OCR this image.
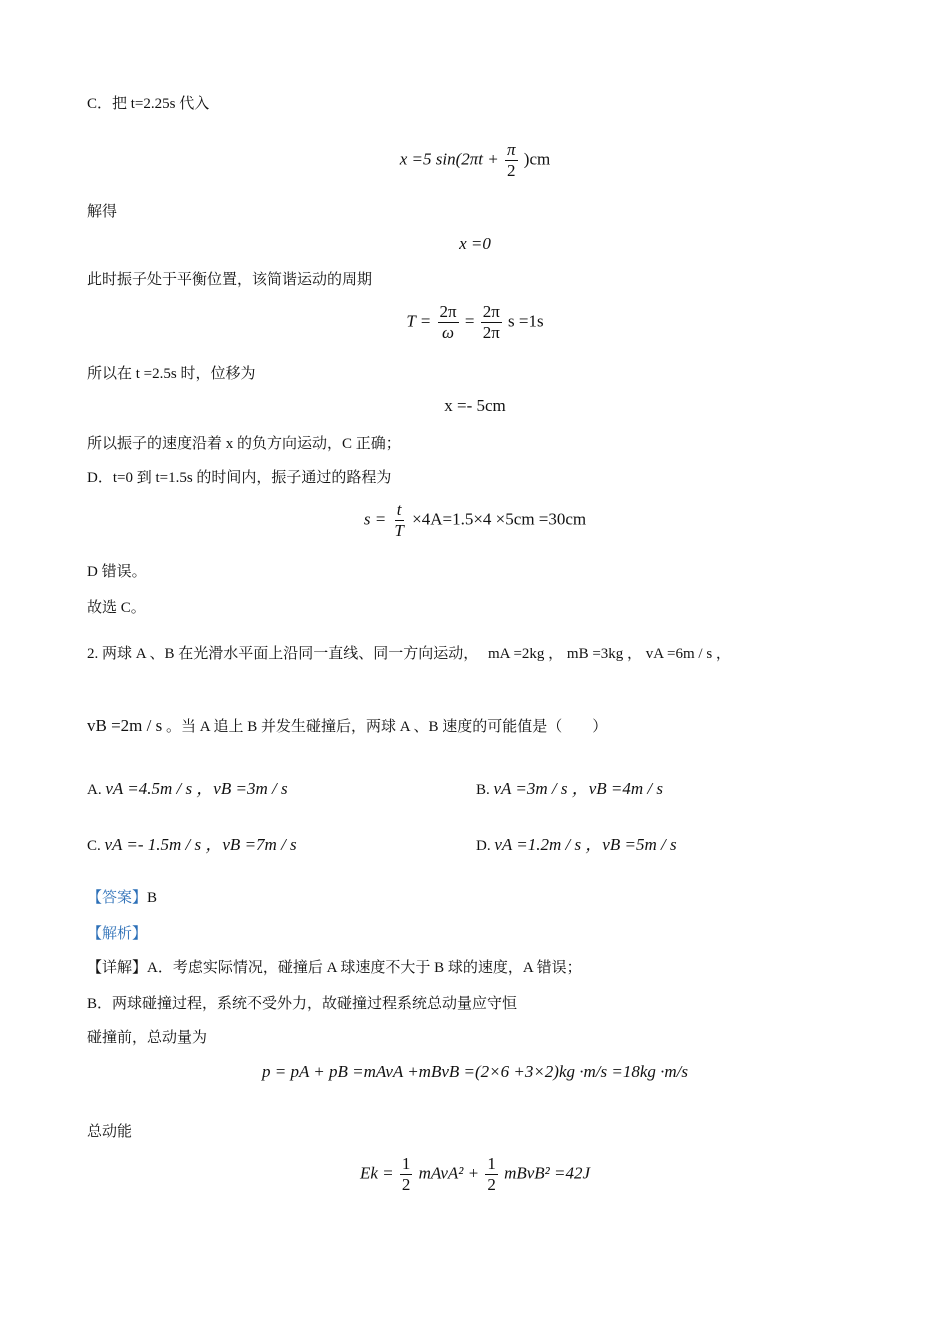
C．把 t=2.25s 代入
x =5 $\sin(2\pi t + \frac{\pi}{2} )cm$
解得
x =0
此时振子处于平衡位置，该简谐运动的周期
$T = \frac{2\pi}{\omega} = \frac{2\pi}{2\pi}$ s =1s
所以在 t =2.5s 时，位移为
x =- 5cm
所以振子的速度沿着 x 的负方向运动，C 正确；
D．t=0 到 t=1.5s 的时间内，振子通过的路程为
$s = \frac{t}{T} \times 4A=1.5\times 4 \times 5cm =30cm$
D 错误。
故选 C。
2. 两球 A 、B 在光滑水平面上沿同一直线、同一方向运动， mA =2kg ， mB =3kg ， vA =6m / s ，
vB =2m / s 。当 A 追上 B 并发生碰撞后，两球 A 、B 速度的可能值是（　　）
A. vA =4.5m / s ，vB =3m / s	B. vA =3m / s ，vB =4m / s
C. vA =- 1.5m / s ，vB =7m / s	D. vA =1.2m / s ，vB =5m / s
【答案】B
【解析】
【详解】A．考虑实际情况，碰撞后 A 球速度不大于 B 球的速度，A 错误；
B．两球碰撞过程，系统不受外力，故碰撞过程系统总动量应守恒
碰撞前，总动量为
p = pA + pB =mAvA +mBvB =(2×6 +3×2)kg ·m/s =18kg ·m/s
总动能
$Ek = \frac{1}{2}$ mAvA² + $\frac{1}{2}$ mBvB² =42J
